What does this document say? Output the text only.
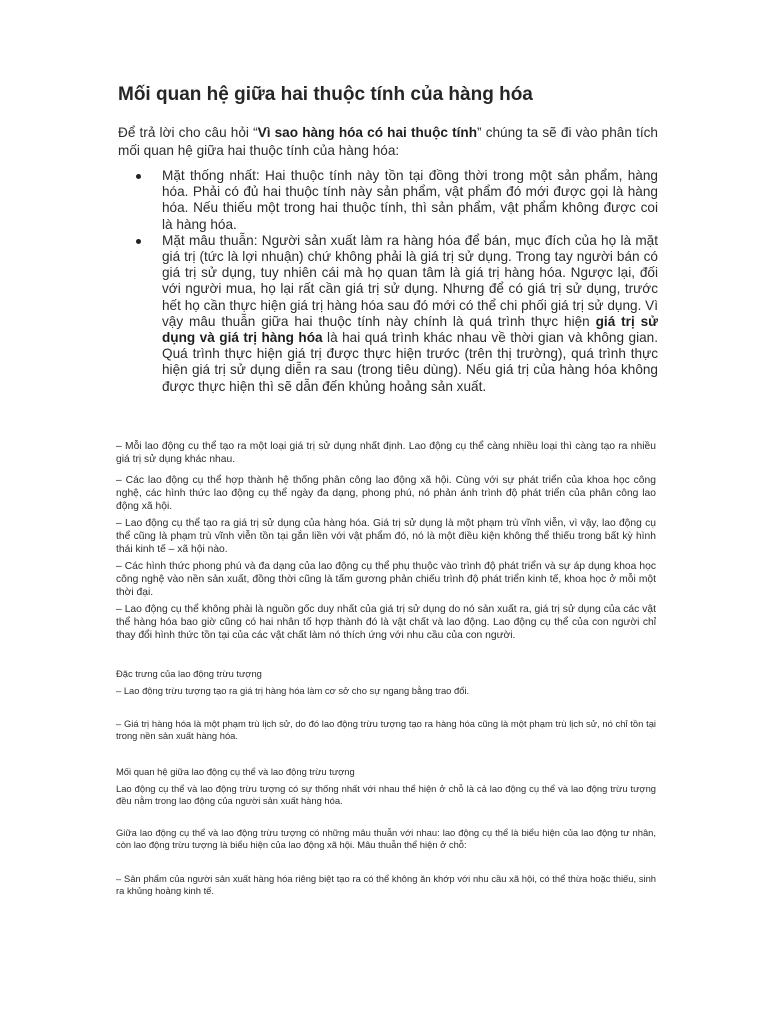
Mối quan hệ giữa hai thuộc tính của hàng hóa

Để trả lời cho câu hỏi “Vì sao hàng hóa có hai thuộc tính” chúng ta sẽ đi vào phân tích mối quan hệ giữa hai thuộc tính của hàng hóa:

Mặt thống nhất: Hai thuộc tính này tồn tại đồng thời trong một sản phẩm, hàng hóa. Phải có đủ hai thuộc tính này sản phẩm, vật phẩm đó mới được gọi là hàng hóa. Nếu thiếu một trong hai thuộc tính, thì sản phẩm, vật phẩm không được coi là hàng hóa.
Mặt mâu thuẫn: Người sản xuất làm ra hàng hóa để bán, mục đích của họ là mặt giá trị (tức là lợi nhuận) chứ không phải là giá trị sử dụng. Trong tay người bán có giá trị sử dụng, tuy nhiên cái mà họ quan tâm là giá trị hàng hóa. Ngược lại, đối với người mua, họ lại rất cần giá trị sử dụng. Nhưng để có giá trị sử dụng, trước hết họ cần thực hiện giá trị hàng hóa sau đó mới có thể chi phối giá trị sử dụng. Vì vậy mâu thuẫn giữa hai thuộc tính này chính là quá trình thực hiện giá trị sử dụng và giá trị hàng hóa là hai quá trình khác nhau về thời gian và không gian. Quá trình thực hiện giá trị được thực hiện trước (trên thị trường), quá trình thực hiện giá trị sử dụng diễn ra sau (trong tiêu dùng). Nếu giá trị của hàng hóa không được thực hiện thì sẽ dẫn đến khủng hoảng sản xuất.

– Mỗi lao động cụ thể tạo ra một loại giá trị sử dụng nhất định. Lao động cụ thể càng nhiều loại thì càng tạo ra nhiều giá trị sử dụng khác nhau.

– Các lao động cụ thể hợp thành hệ thống phân công lao động xã hội. Cùng với sự phát triển của khoa học công nghệ, các hình thức lao động cụ thể ngày đa dạng, phong phú, nó phản ánh trình độ phát triển của phân công lao động xã hội.

– Lao động cụ thể tạo ra giá trị sử dụng của hàng hóa. Giá trị sử dụng là một phạm trù vĩnh viễn, vì vậy, lao động cụ thể cũng là phạm trù vĩnh viễn tồn tại gắn liền với vật phẩm đó, nó là một điều kiện không thể thiếu trong bất kỳ hình thái kinh tế – xã hội nào.

– Các hình thức phong phú và đa dạng của lao động cụ thể phụ thuộc vào trình độ phát triển và sự áp dụng khoa học công nghệ vào nền sản xuất, đồng thời cũng là tấm gương phản chiếu trình độ phát triển kinh tế, khoa học ở mỗi một thời đại.

– Lao động cụ thể không phải là nguồn gốc duy nhất của giá trị sử dụng do nó sản xuất ra, giá trị sử dụng của các vật thể hàng hóa bao giờ cũng có hai nhân tố hợp thành đó là vật chất và lao động. Lao động cụ thể của con người chỉ thay đổi hình thức tồn tại của các vật chất làm nó thích ứng với nhu cầu của con người.

Đặc trưng của lao động trừu tượng

– Lao động trừu tượng tạo ra giá trị hàng hóa làm cơ sở cho sự ngang bằng trao đổi.

– Giá trị hàng hóa là một phạm trù lịch sử, do đó lao động trừu tượng tạo ra hàng hóa cũng là một phạm trù lịch sử, nó chỉ tồn tại trong nền sản xuất hàng hóa.

Mối quan hệ giữa lao động cụ thể và lao động trừu tượng

Lao động cụ thể và lao động trừu tượng có sự thống nhất với nhau thể hiện ở chỗ là cả lao động cụ thể và lao động trừu tượng đều nằm trong lao động của người sản xuất hàng hóa.

Giữa lao động cụ thể và lao động trừu tượng có những mâu thuẫn với nhau: lao động cụ thể là biểu hiện của lao động tư nhân, còn lao động trừu tượng là biểu hiện của lao động xã hội. Mâu thuẫn thể hiện ở chỗ:

– Sản phẩm của người sản xuất hàng hóa riêng biệt tạo ra có thể không ăn khớp với nhu cầu xã hội, có thể thừa hoặc thiếu, sinh ra khủng hoảng kinh tế.
